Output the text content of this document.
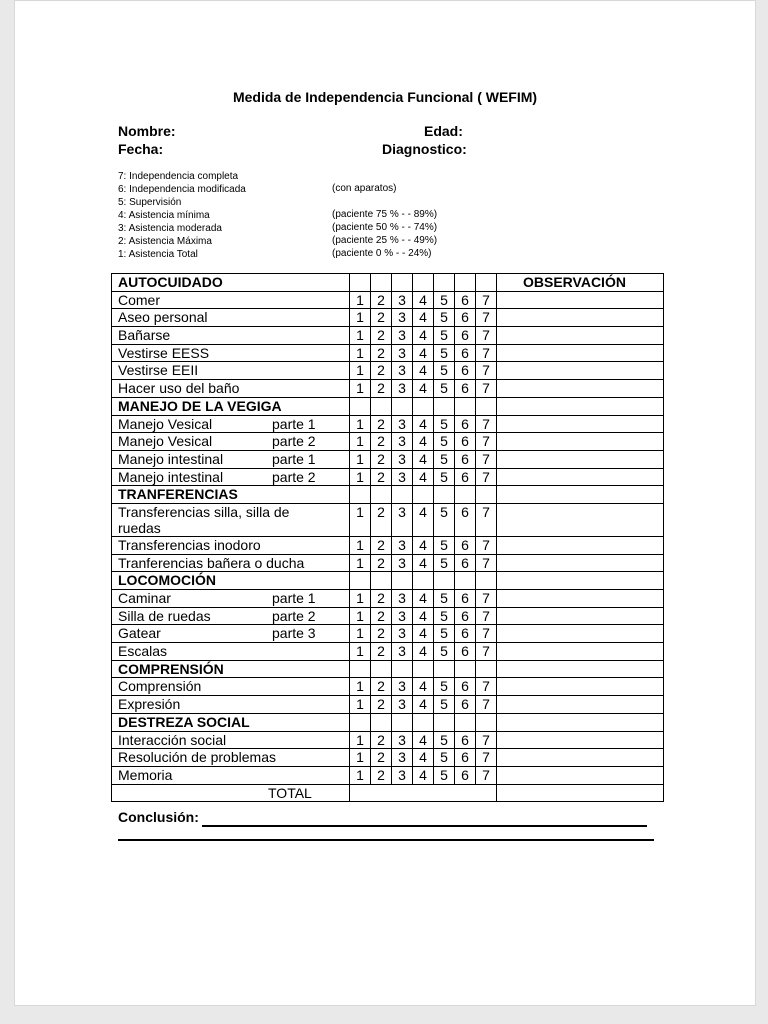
Medida de Independencia Funcional ( WEFIM)
Nombre:	Edad:
Fecha:	Diagnostico:
7: Independencia completa
6: Independencia modificada
5: Supervisión
4: Asistencia mínima
3: Asistencia moderada
2: Asistencia Máxima
1: Asistencia Total
(con aparatos)
(paciente 75 % - - 89%)
(paciente 50 % - - 74%)
(paciente 25 % - - 49%)
(paciente 0 % - - 24%)
AUTOCUIDADO								OBSERVACIÓN
Comer	1	2	3	4	5	6	7	
Aseo personal	1	2	3	4	5	6	7	
Bañarse	1	2	3	4	5	6	7	
Vestirse EESS	1	2	3	4	5	6	7	
Vestirse EEII	1	2	3	4	5	6	7	
Hacer uso del baño	1	2	3	4	5	6	7	
MANEJO DE LA VEGIGA								
Manejo Vesical parte 1	1	2	3	4	5	6	7	
Manejo Vesical parte 2	1	2	3	4	5	6	7	
Manejo intestinal parte 1	1	2	3	4	5	6	7	
Manejo intestinal parte 2	1	2	3	4	5	6	7	
TRANFERENCIAS								
Transferencias silla, silla de
ruedas	1	2	3	4	5	6	7	
Transferencias inodoro	1	2	3	4	5	6	7	
Tranferencias bañera o ducha	1	2	3	4	5	6	7	
LOCOMOCIÓN								
Caminar parte 1	1	2	3	4	5	6	7	
Silla de ruedas parte 2	1	2	3	4	5	6	7	
Gatear parte 3	1	2	3	4	5	6	7	
Escalas	1	2	3	4	5	6	7	
COMPRENSIÓN								
Comprensión	1	2	3	4	5	6	7	
Expresión	1	2	3	4	5	6	7	
DESTREZA SOCIAL								
Interacción social	1	2	3	4	5	6	7	
Resolución de problemas	1	2	3	4	5	6	7	
Memoria	1	2	3	4	5	6	7	
TOTAL								
Conclusión:
